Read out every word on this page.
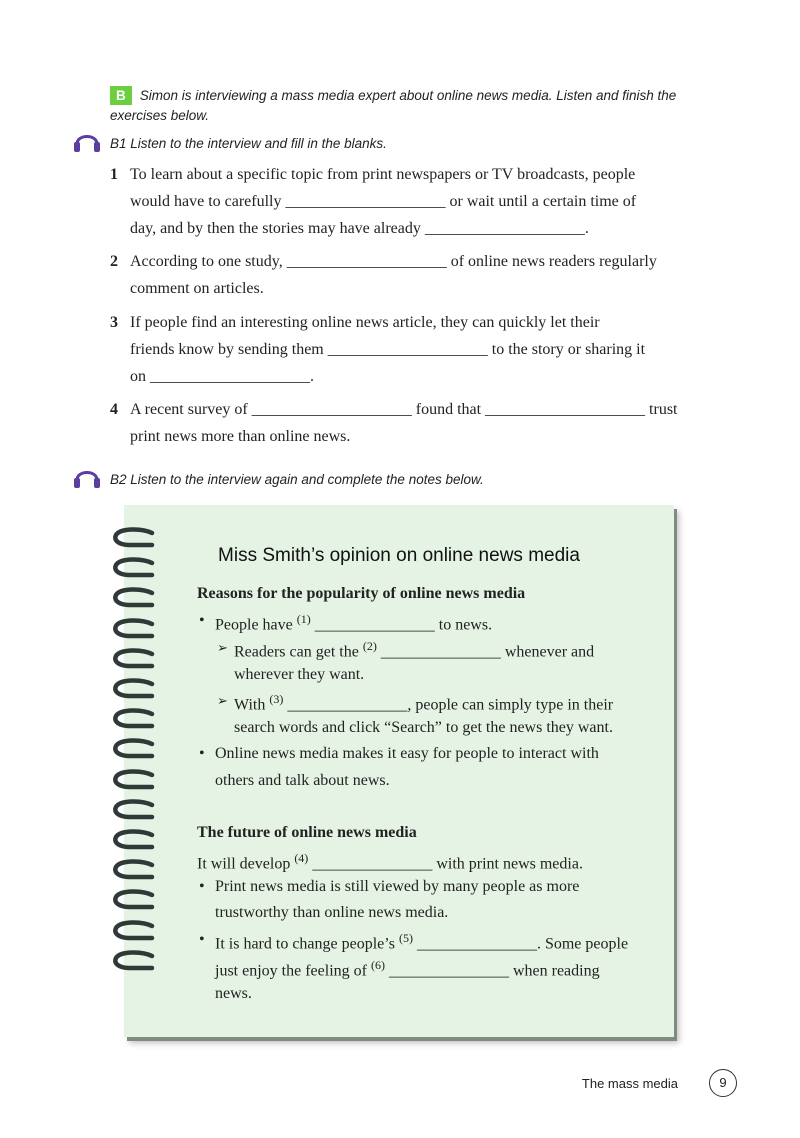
B Simon is interviewing a mass media expert about online news media. Listen and finish the exercises below.
B1 Listen to the interview and fill in the blanks.
1 To learn about a specific topic from print newspapers or TV broadcasts, people
would have to carefully ____________________ or wait until a certain time of
day, and by then the stories may have already ____________________.
2 According to one study, ____________________ of online news readers regularly
comment on articles.
3 If people find an interesting online news article, they can quickly let their
friends know by sending them ____________________ to the story or sharing it
on ____________________.
4 A recent survey of ____________________ found that ____________________ trust
print news more than online news.
B2 Listen to the interview again and complete the notes below.
Miss Smith’s opinion on online news media
Reasons for the popularity of online news media
• People have $^{(1)}$ _______________ to news.
➢ Readers can get the $^{(2)}$ _______________ whenever and
wherever they want.
➢ With $^{(3)}$ _______________, people can simply type in their
search words and click “Search” to get the news they want.
• Online news media makes it easy for people to interact with
others and talk about news.
The future of online news media
It will develop $^{(4)}$ _______________ with print news media.
• Print news media is still viewed by many people as more
trustworthy than online news media.
• It is hard to change people’s $^{(5)}$ _______________. Some people
just enjoy the feeling of $^{(6)}$ _______________ when reading
news.
The mass media	9
